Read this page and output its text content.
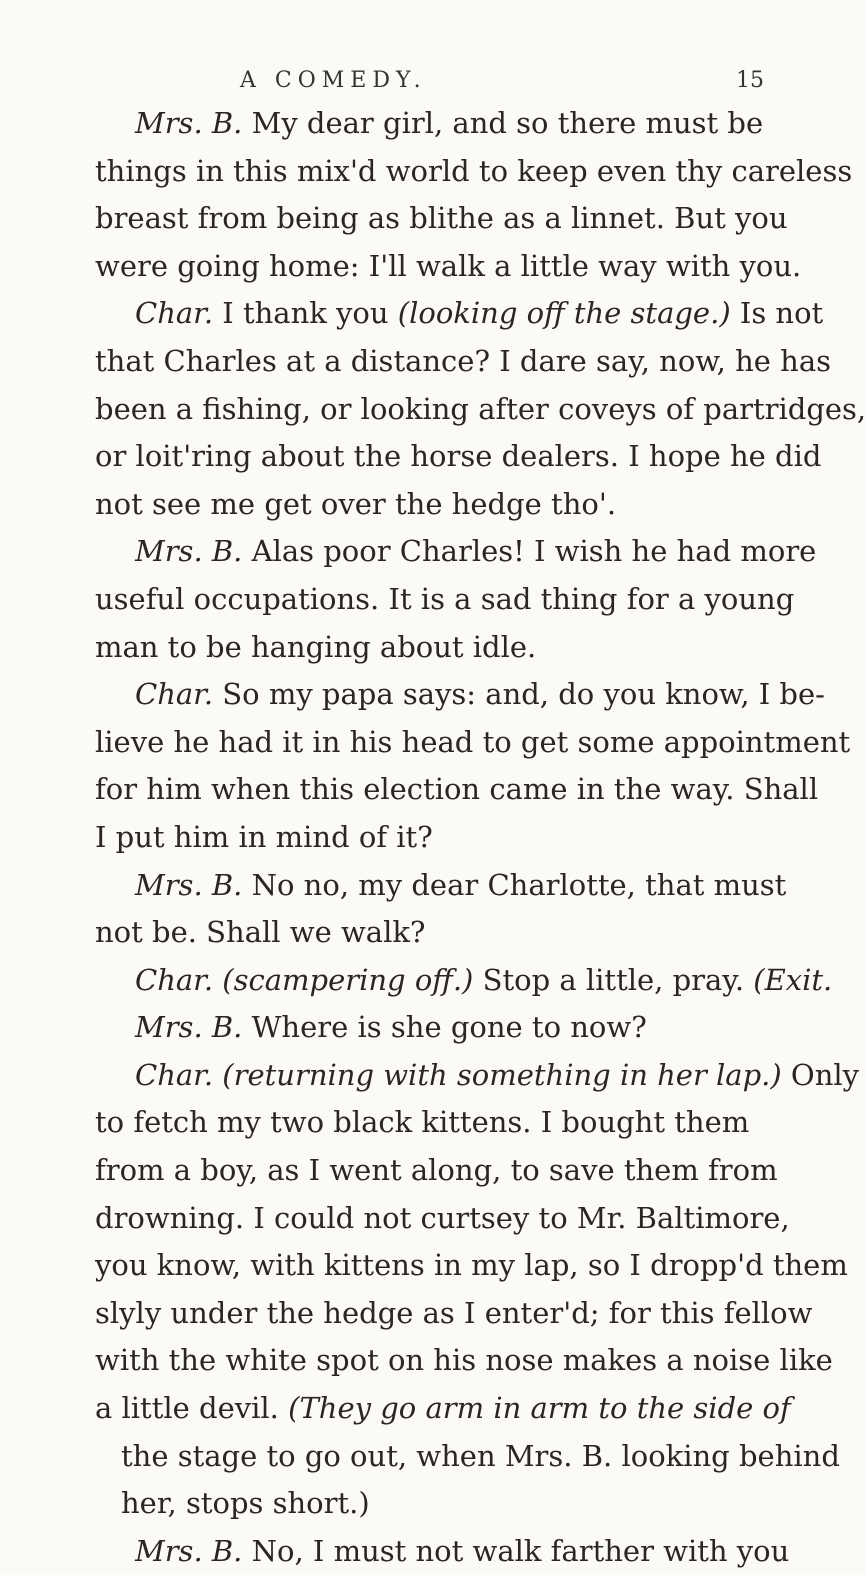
A COMEDY.	15
Mrs. B. My dear girl, and so there must be
things in this mix'd world to keep even thy careless
breast from being as blithe as a linnet. But you
were going home: I'll walk a little way with you.
Char. I thank you (looking off the stage.) Is not
that Charles at a distance? I dare say, now, he has
been a fishing, or looking after coveys of partridges,
or loit'ring about the horse dealers. I hope he did
not see me get over the hedge tho'.
Mrs. B. Alas poor Charles! I wish he had more
useful occupations. It is a sad thing for a young
man to be hanging about idle.
Char. So my papa says: and, do you know, I be-
lieve he had it in his head to get some appointment
for him when this election came in the way. Shall
I put him in mind of it?
Mrs. B. No no, my dear Charlotte, that must
not be. Shall we walk?
Char. (scampering off.) Stop a little, pray. (Exit.
Mrs. B. Where is she gone to now?
Char. (returning with something in her lap.) Only
to fetch my two black kittens. I bought them
from a boy, as I went along, to save them from
drowning. I could not curtsey to Mr. Baltimore,
you know, with kittens in my lap, so I dropp'd them
slyly under the hedge as I enter'd; for this fellow
with the white spot on his nose makes a noise like
a little devil. (They go arm in arm to the side of
the stage to go out, when Mrs. B. looking behind
her, stops short.)
Mrs. B. No, I must not walk farther with you
